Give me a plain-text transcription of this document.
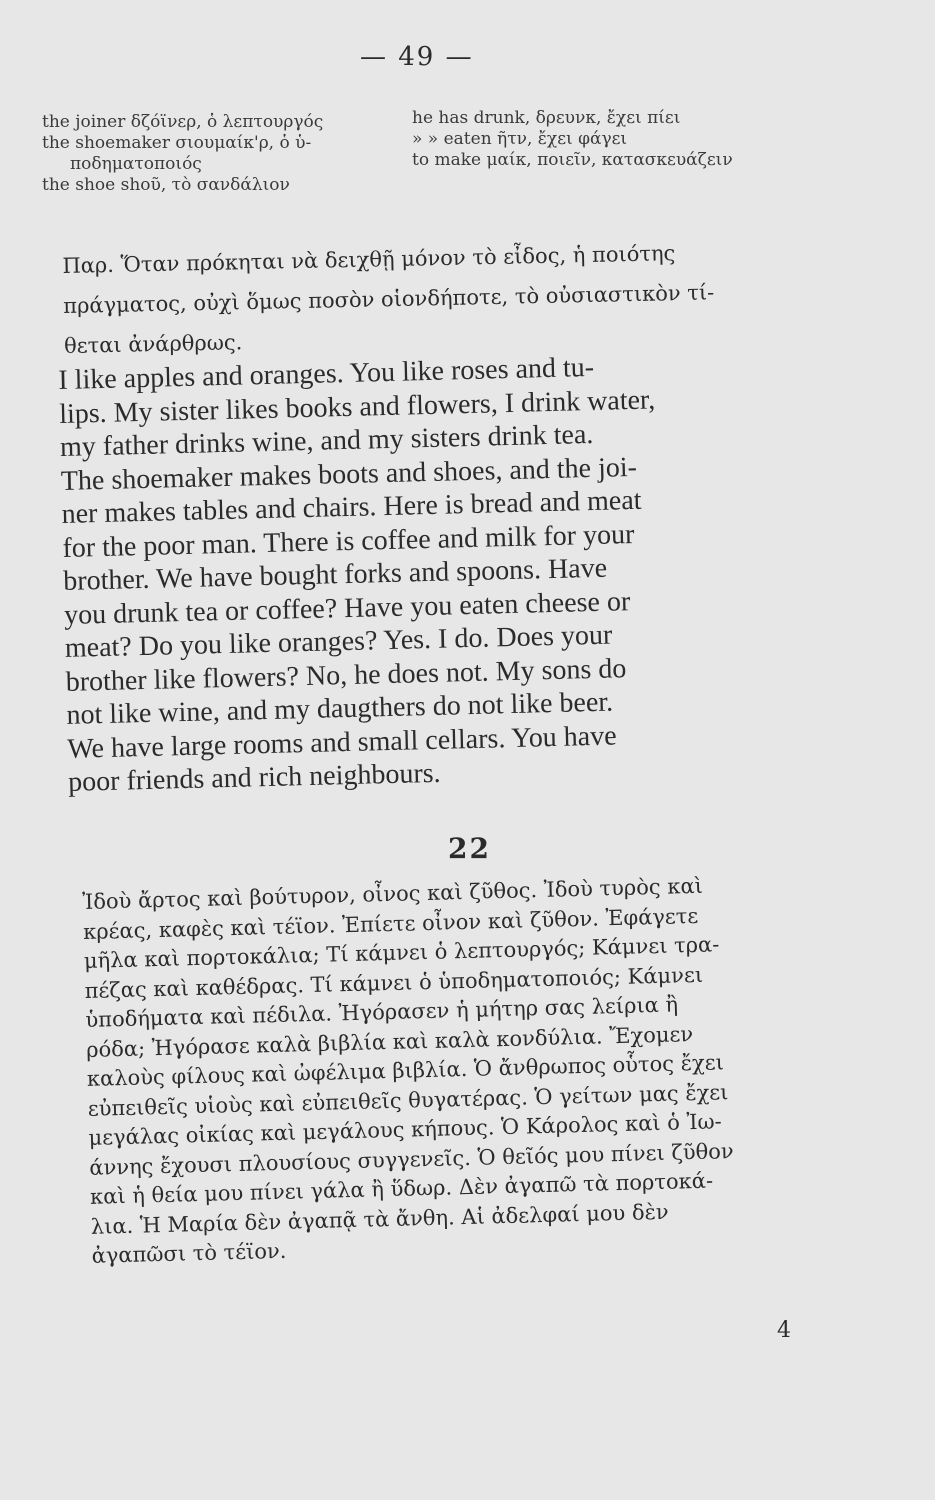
— 49 —
the joiner δζόϊνερ, ὁ λεπτουργός
the shoemaker σιουμαίκ'ρ, ὁ ὑ-
ποδηματοποιός
the shoe shoῦ, τὸ σανδάλιον
he has drunk, δρευνκ, ἔχει πίει
» » eaten ῆτν, ἔχει φάγει
to make μαίκ, ποιεῖν, κατασκευάζειν
Παρ. Ὅταν πρόκηται νὰ δειχθῇ μόνον τὸ εἶδος, ἡ ποιότης
πράγματος, οὐχὶ ὅμως ποσὸν οἱονδήποτε, τὸ οὐσιαστικὸν τί-
θεται ἀνάρθρως.
I like apples and oranges. You like roses and tu-
lips. My sister likes books and flowers, I drink water,
my father drinks wine, and my sisters drink tea.
The shoemaker makes boots and shoes, and the joi-
ner makes tables and chairs. Here is bread and meat
for the poor man. There is coffee and milk for your
brother. We have bought forks and spoons. Have
you drunk tea or coffee? Have you eaten cheese or
meat? Do you like oranges? Yes. I do. Does your
brother like flowers? No, he does not. My sons do
not like wine, and my daugthers do not like beer.
We have large rooms and small cellars. You have
poor friends and rich neighbours.
22
Ἰδοὺ ἄρτος καὶ βούτυρον, οἶνος καὶ ζῦθος. Ἰδοὺ τυρὸς καὶ
κρέας, καφὲς καὶ τέϊον. Ἐπίετε οἶνον καὶ ζῦθον. Ἐφάγετε
μῆλα καὶ πορτοκάλια; Τί κάμνει ὁ λεπτουργός; Κάμνει τρα-
πέζας καὶ καθέδρας. Τί κάμνει ὁ ὑποδηματοποιός; Κάμνει
ὑποδήματα καὶ πέδιλα. Ἠγόρασεν ἡ μήτηρ σας λείρια ἢ
ρόδα; Ἠγόρασε καλὰ βιβλία καὶ καλὰ κονδύλια. Ἔχομεν
καλοὺς φίλους καὶ ὠφέλιμα βιβλία. Ὁ ἄνθρωπος οὗτος ἔχει
εὐπειθεῖς υἱοὺς καὶ εὐπειθεῖς θυγατέρας. Ὁ γείτων μας ἔχει
μεγάλας οἰκίας καὶ μεγάλους κήπους. Ὁ Κάρολος καὶ ὁ Ἰω-
άννης ἔχουσι πλουσίους συγγενεῖς. Ὁ θεῖός μου πίνει ζῦθον
καὶ ἡ θεία μου πίνει γάλα ἢ ὕδωρ. Δὲν ἀγαπῶ τὰ πορτοκά-
λια. Ἡ Μαρία δὲν ἀγαπᾷ τὰ ἄνθη. Αἱ ἀδελφαί μου δὲν
ἀγαπῶσι τὸ τέϊον.
4
